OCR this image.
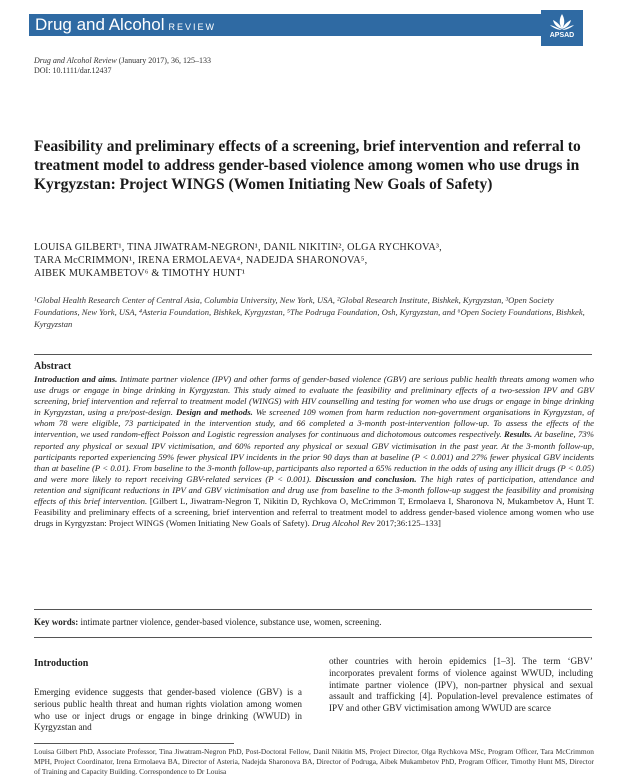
Drug and Alcohol REVIEW
APSAD
Drug and Alcohol Review (January 2017), 36, 125–133
DOI: 10.1111/dar.12437
Feasibility and preliminary effects of a screening, brief intervention and referral to treatment model to address gender-based violence among women who use drugs in Kyrgyzstan: Project WINGS (Women Initiating New Goals of Safety)
LOUISA GILBERT¹, TINA JIWATRAM-NEGRON¹, DANIL NIKITIN², OLGA RYCHKOVA³,
TARA McCRIMMON¹, IRENA ERMOLAEVA⁴, NADEJDA SHARONOVA⁵,
AIBEK MUKAMBETOV⁶ & TIMOTHY HUNT¹
¹Global Health Research Center of Central Asia, Columbia University, New York, USA, ²Global Research Institute, Bishkek, Kyrgyzstan, ³Open Society Foundations, New York, USA, ⁴Asteria Foundation, Bishkek, Kyrgyzstan, ⁵The Podruga Foundation, Osh, Kyrgyzstan, and ⁶Open Society Foundations, Bishkek, Kyrgyzstan
Abstract
Introduction and aims. Intimate partner violence (IPV) and other forms of gender-based violence (GBV) are serious public health threats among women who use drugs or engage in binge drinking in Kyrgyzstan. This study aimed to evaluate the feasibility and preliminary effects of a two-session IPV and GBV screening, brief intervention and referral to treatment model (WINGS) with HIV counselling and testing for women who use drugs or engage in binge drinking in Kyrgyzstan, using a pre/post-design. Design and methods. We screened 109 women from harm reduction non-government organisations in Kyrgyzstan, of whom 78 were eligible, 73 participated in the intervention study, and 66 completed a 3-month post-intervention follow-up. To assess the effects of the intervention, we used random-effect Poisson and Logistic regression analyses for continuous and dichotomous outcomes respectively. Results. At baseline, 73% reported any physical or sexual IPV victimisation, and 60% reported any physical or sexual GBV victimisation in the past year. At the 3-month follow-up, participants reported experiencing 59% fewer physical IPV incidents in the prior 90 days than at baseline (P < 0.001) and 27% fewer physical GBV incidents than at baseline (P < 0.01). From baseline to the 3-month follow-up, participants also reported a 65% reduction in the odds of using any illicit drugs (P < 0.05) and were more likely to report receiving GBV-related services (P < 0.001). Discussion and conclusion. The high rates of participation, attendance and retention and significant reductions in IPV and GBV victimisation and drug use from baseline to the 3-month follow-up suggest the feasibility and promising effects of this brief intervention. [Gilbert L, Jiwatram-Negron T, Nikitin D, Rychkova O, McCrimmon T, Ermolaeva I, Sharonova N, Mukambetov A, Hunt T. Feasibility and preliminary effects of a screening, brief intervention and referral to treatment model to address gender-based violence among women who use drugs in Kyrgyzstan: Project WINGS (Women Initiating New Goals of Safety). Drug Alcohol Rev 2017;36:125–133]
Key words: intimate partner violence, gender-based violence, substance use, women, screening.
Introduction
Emerging evidence suggests that gender-based violence (GBV) is a serious public health threat and human rights violation among women who use or inject drugs or engage in binge drinking (WWUD) in Kyrgyzstan and
other countries with heroin epidemics [1–3]. The term ‘GBV’ incorporates prevalent forms of violence against WWUD, including intimate partner violence (IPV), non-partner physical and sexual assault and trafficking [4]. Population-level prevalence estimates of IPV and other GBV victimisation among WWUD are scarce
Louisa Gilbert PhD, Associate Professor, Tina Jiwatram-Negron PhD, Post-Doctoral Fellow, Danil Nikitin MS, Project Director, Olga Rychkova MSc, Program Officer, Tara McCrimmon MPH, Project Coordinator, Irena Ermolaeva BA, Director of Asteria, Nadejda Sharonova BA, Director of Podruga, Aibek Mukambetov PhD, Program Officer, Timothy Hunt MS, Director of Training and Capacity Building. Correspondence to Dr Louisa
